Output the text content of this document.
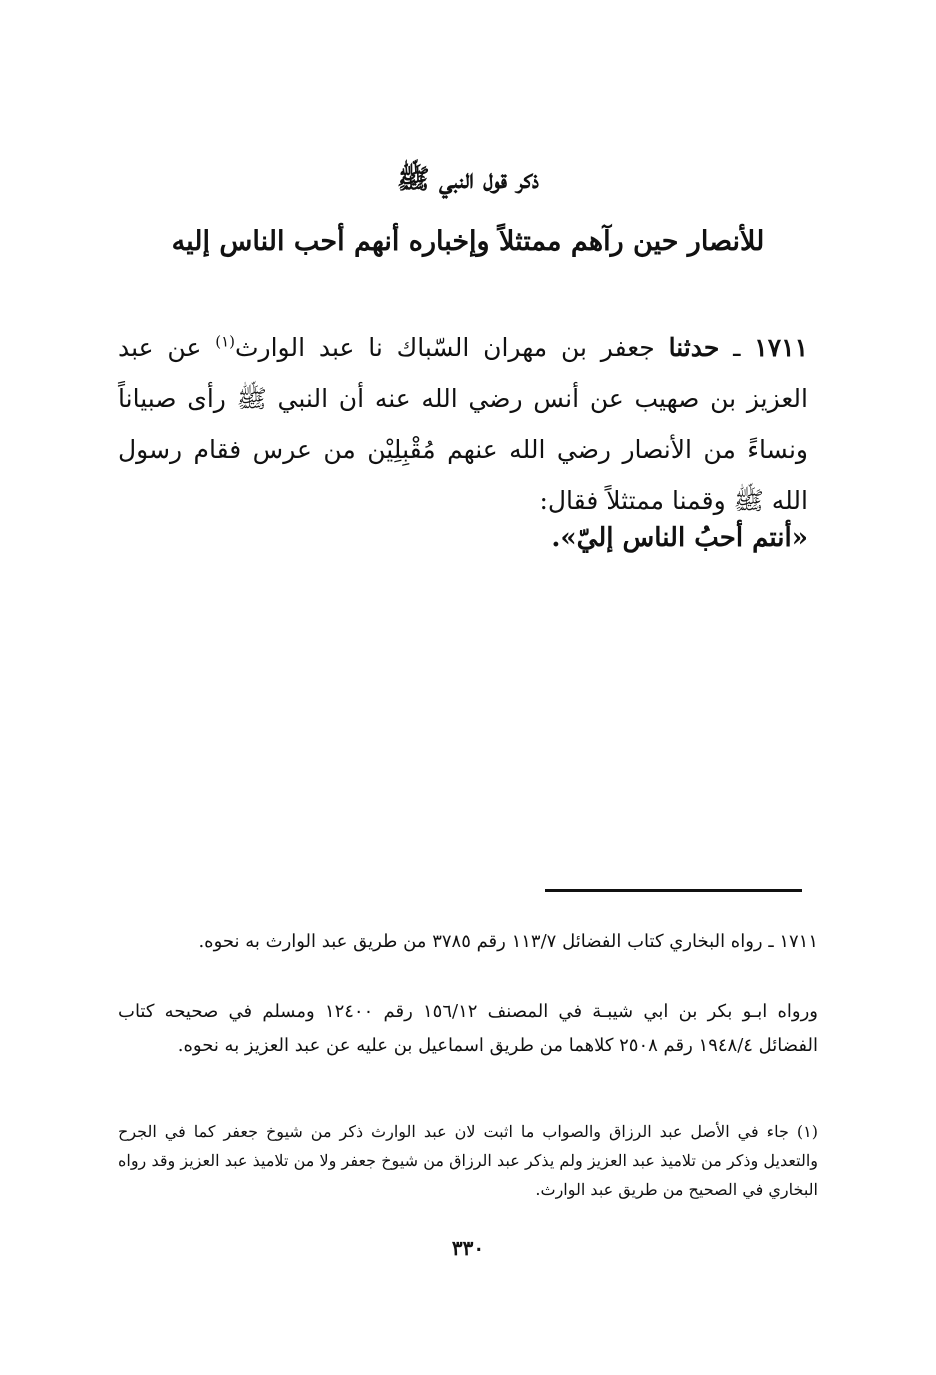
ذكر قول النبي ﷺ
للأنصار حين رآهم ممتثلاً وإخباره أنهم أحب الناس إليه

١٧١١ ـ حدثنا جعفر بن مهران السّباك نا عبد الوارث$^{(١)}$ عن عبد العزيز بن صهيب عن أنس رضي الله عنه أن النبي ﷺ رأى صبياناً ونساءً من الأنصار رضي الله عنهم مُقْبِلِيْن من عرس فقام رسول الله ﷺ وقمنا ممتثلاً فقال:

«أنتم أحبُ الناس إليّ».

١٧١١ ـ رواه البخاري كتاب الفضائل ١١٣/٧ رقم ٣٧٨٥ من طريق عبد الوارث به نحوه.

ورواه ابـو بكر بن ابي شيبـة في المصنف ١٥٦/١٢ رقم ١٢٤٠٠ ومسلم في صحيحه كتاب الفضائل ١٩٤٨/٤ رقم ٢٥٠٨ كلاهما من طريق اسماعيل بن عليه عن عبد العزيز به نحوه.

(١) جاء في الأصل عبد الرزاق والصواب ما اثبت لان عبد الوارث ذكر من شيوخ جعفر كما في الجرح والتعديل وذكر من تلاميذ عبد العزيز ولم يذكر عبد الرزاق من شيوخ جعفر ولا من تلاميذ عبد العزيز وقد رواه البخاري في الصحيح من طريق عبد الوارث.

٣٣٠
